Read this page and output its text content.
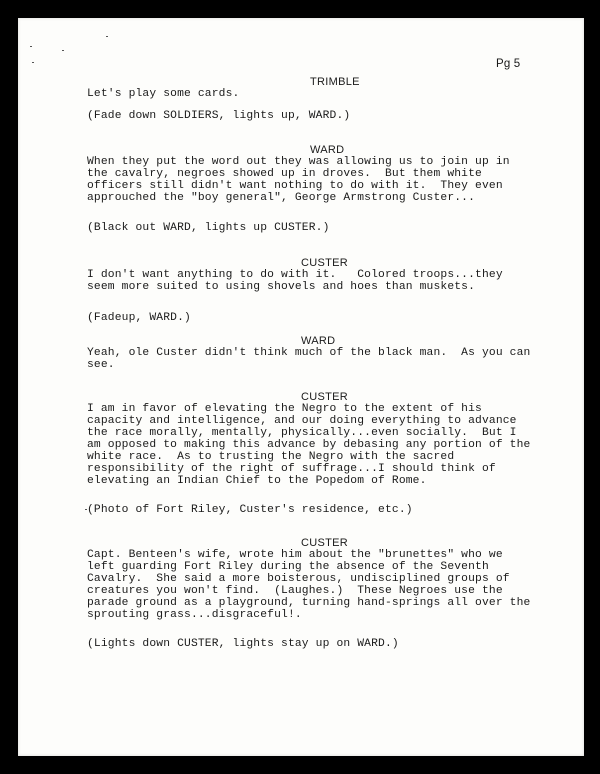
Pg 5
TRIMBLE
Let's play some cards.
(Fade down SOLDIERS, lights up, WARD.)
WARD
When they put the word out they was allowing us to join up in
the cavalry, negroes showed up in droves.  But them white
officers still didn't want nothing to do with it.  They even
approuched the "boy general", George Armstrong Custer...
(Black out WARD, lights up CUSTER.)
CUSTER
I don't want anything to do with it.   Colored troops...they
seem more suited to using shovels and hoes than muskets.
(Fadeup, WARD.)
WARD
Yeah, ole Custer didn't think much of the black man.  As you can
see.
CUSTER
I am in favor of elevating the Negro to the extent of his
capacity and intelligence, and our doing everything to advance
the race morally, mentally, physically...even socially.  But I
am opposed to making this advance by debasing any portion of the
white race.  As to trusting the Negro with the sacred
responsibility of the right of suffrage...I should think of
elevating an Indian Chief to the Popedom of Rome.
(Photo of Fort Riley, Custer's residence, etc.)
CUSTER
Capt. Benteen's wife, wrote him about the "brunettes" who we
left guarding Fort Riley during the absence of the Seventh
Cavalry.  She said a more boisterous, undisciplined groups of
creatures you won't find.  (Laughes.)  These Negroes use the
parade ground as a playground, turning hand-springs all over the
sprouting grass...disgraceful!.
(Lights down CUSTER, lights stay up on WARD.)
